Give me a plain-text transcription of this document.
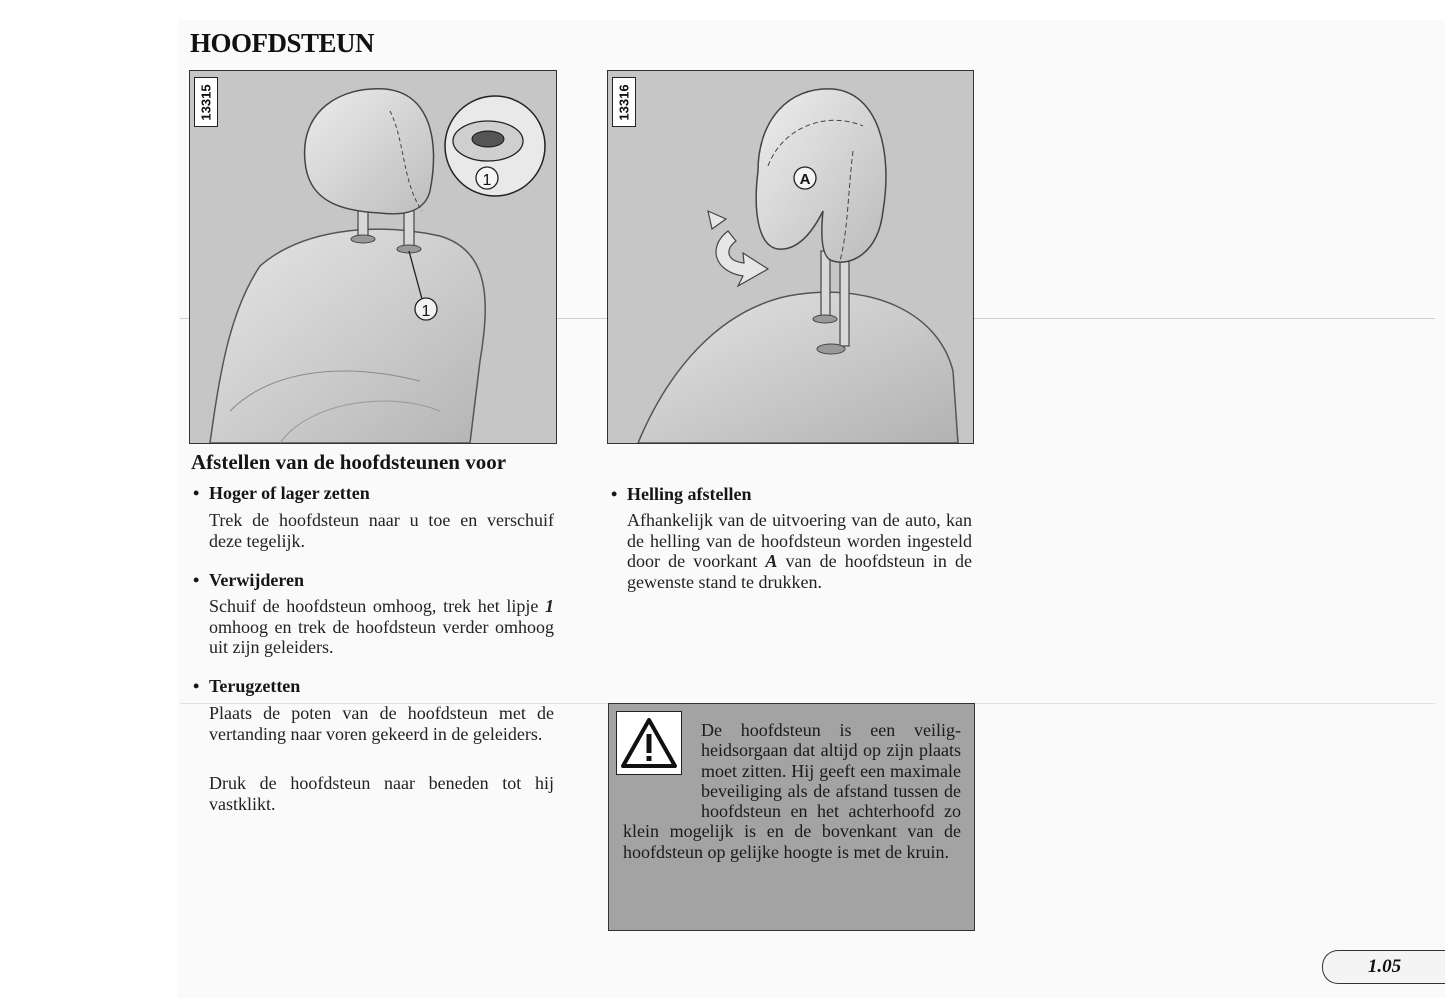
HOOFDSTEUN
1
1
13315
A
13316
Afstellen van de hoofdsteunen voor
• Hoger of lager zetten
Trek de hoofdsteun naar u toe en verschuif deze tegelijk.
• Verwijderen
Schuif de hoofdsteun omhoog, trek het lipje 1 omhoog en trek de hoofdsteun verder omhoog uit zijn geleiders.
• Terugzetten
Plaats de poten van de hoofdsteun met de vertanding naar voren gekeerd in de geleiders.
Druk de hoofdsteun naar beneden tot hij vastklikt.
• Helling afstellen
Afhankelijk van de uitvoering van de auto, kan de helling van de hoofdsteun worden ingesteld door de voorkant A van de hoofdsteun in de gewenste stand te drukken.
De hoofdsteun is een veiligheidsorgaan dat altijd op zijn plaats moet zitten. Hij geeft een maximale beveiliging als de afstand tussen de hoofdsteun en het achterhoofd zo klein mogelijk is en de bovenkant van de hoofdsteun op gelijke hoogte is met de kruin.
1.05
